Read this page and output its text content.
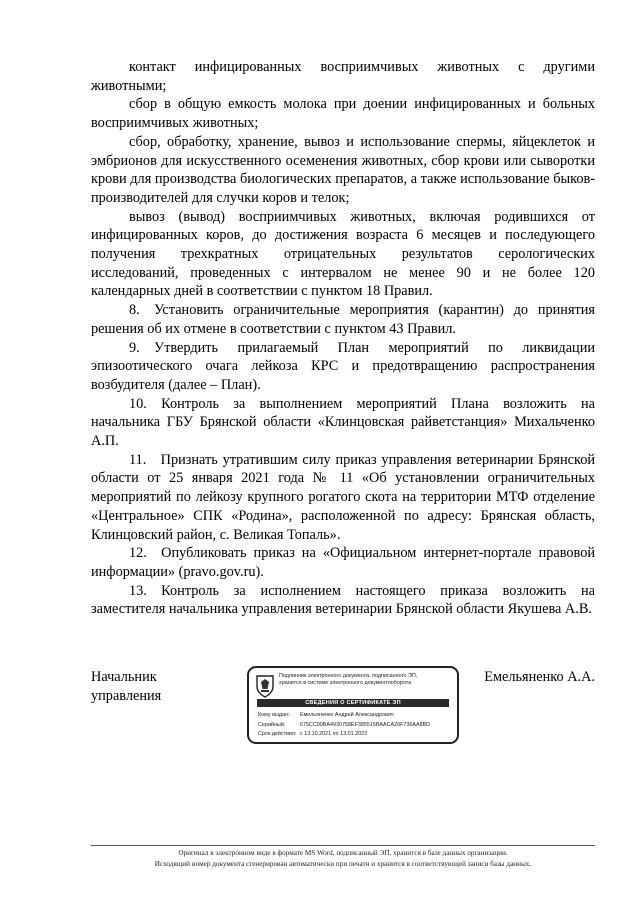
контакт инфицированных восприимчивых животных с другими животными;

сбор в общую емкость молока при доении инфицированных и больных восприимчивых животных;

сбор, обработку, хранение, вывоз и использование спермы, яйцеклеток и эмбрионов для искусственного осеменения животных, сбор крови или сыворотки крови для производства биологических препаратов, а также использование быков-производителей для случки коров и телок;

вывоз (вывод) восприимчивых животных, включая родившихся от инфицированных коров, до достижения возраста 6 месяцев и последующего получения трехкратных отрицательных результатов серологических исследований, проведенных с интервалом не менее 90 и не более 120 календарных дней в соответствии с пунктом 18 Правил.

8. Установить ограничительные мероприятия (карантин) до принятия решения об их отмене в соответствии с пунктом 43 Правил.

9. Утвердить прилагаемый План мероприятий по ликвидации эпизоотического очага лейкоза КРС и предотвращению распространения возбудителя (далее – План).

10. Контроль за выполнением мероприятий Плана возложить на начальника ГБУ Брянской области «Клинцовская райветстанция» Михальченко А.П.

11. Признать утратившим силу приказ управления ветеринарии Брянской области от 25 января 2021 года № 11 «Об установлении ограничительных мероприятий по лейкозу крупного рогатого скота на территории МТФ отделение «Центральное» СПК «Родина», расположенной по адресу: Брянская область, Клинцовский район, с. Великая Топаль».

12. Опубликовать приказ на «Официальном интернет-портале правовой информации» (pravo.gov.ru).

13. Контроль за исполнением настоящего приказа возложить на заместителя начальника управления ветеринарии Брянской области Якушева А.В.

Начальник
управления
Подлинник электронного документа, подписанного ЭП,
хранится в системе электронного документооборота
СВЕДЕНИЯ О СЕРТИФИКАТЕ ЭП
Кому выдан:	Емельяненко Андрей Александрович
Серийный:	675CC90BA4930758EF385515BAACA20F736AA8BD
Срок действия: с 13.10.2021 по 13.01.2023
Емельяненко А.А.
Оригинал в электронном виде в формате MS Word, подписанный ЭП, хранится в базе данных организации.
Исходящий номер документа сгенерирован автоматически при печати и хранится в соответствующей записи базы данных.
